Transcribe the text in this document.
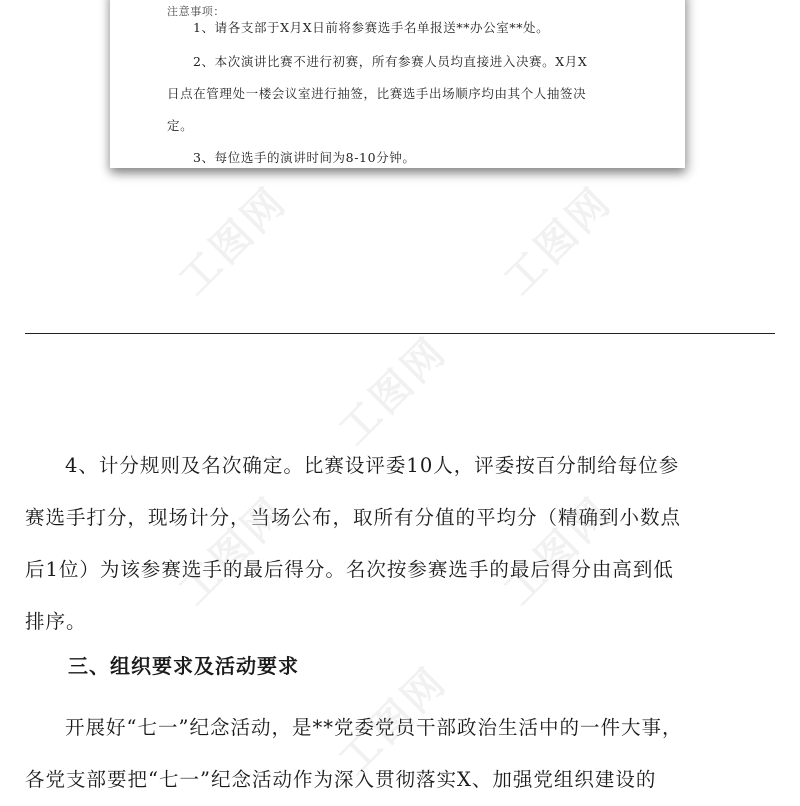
注意事项：
1、请各支部于X月X日前将参赛选手名单报送**办公室**处。
2、本次演讲比赛不进行初赛，所有参赛人员均直接进入决赛。X月X
日点在管理处一楼会议室进行抽签，比赛选手出场顺序均由其个人抽签决
定。
3、每位选手的演讲时间为8-10分钟。
4、计分规则及名次确定。比赛设评委10人，评委按百分制给每位参
赛选手打分，现场计分，当场公布，取所有分值的平均分（精确到小数点
后1位）为该参赛选手的最后得分。名次按参赛选手的最后得分由高到低
排序。
三、组织要求及活动要求
开展好“七一”纪念活动，是**党委党员干部政治生活中的一件大事，
各党支部要把“七一”纪念活动作为深入贯彻落实X、加强党组织建设的
工图网	工图网
工图网
工图网	工图网
工图网
